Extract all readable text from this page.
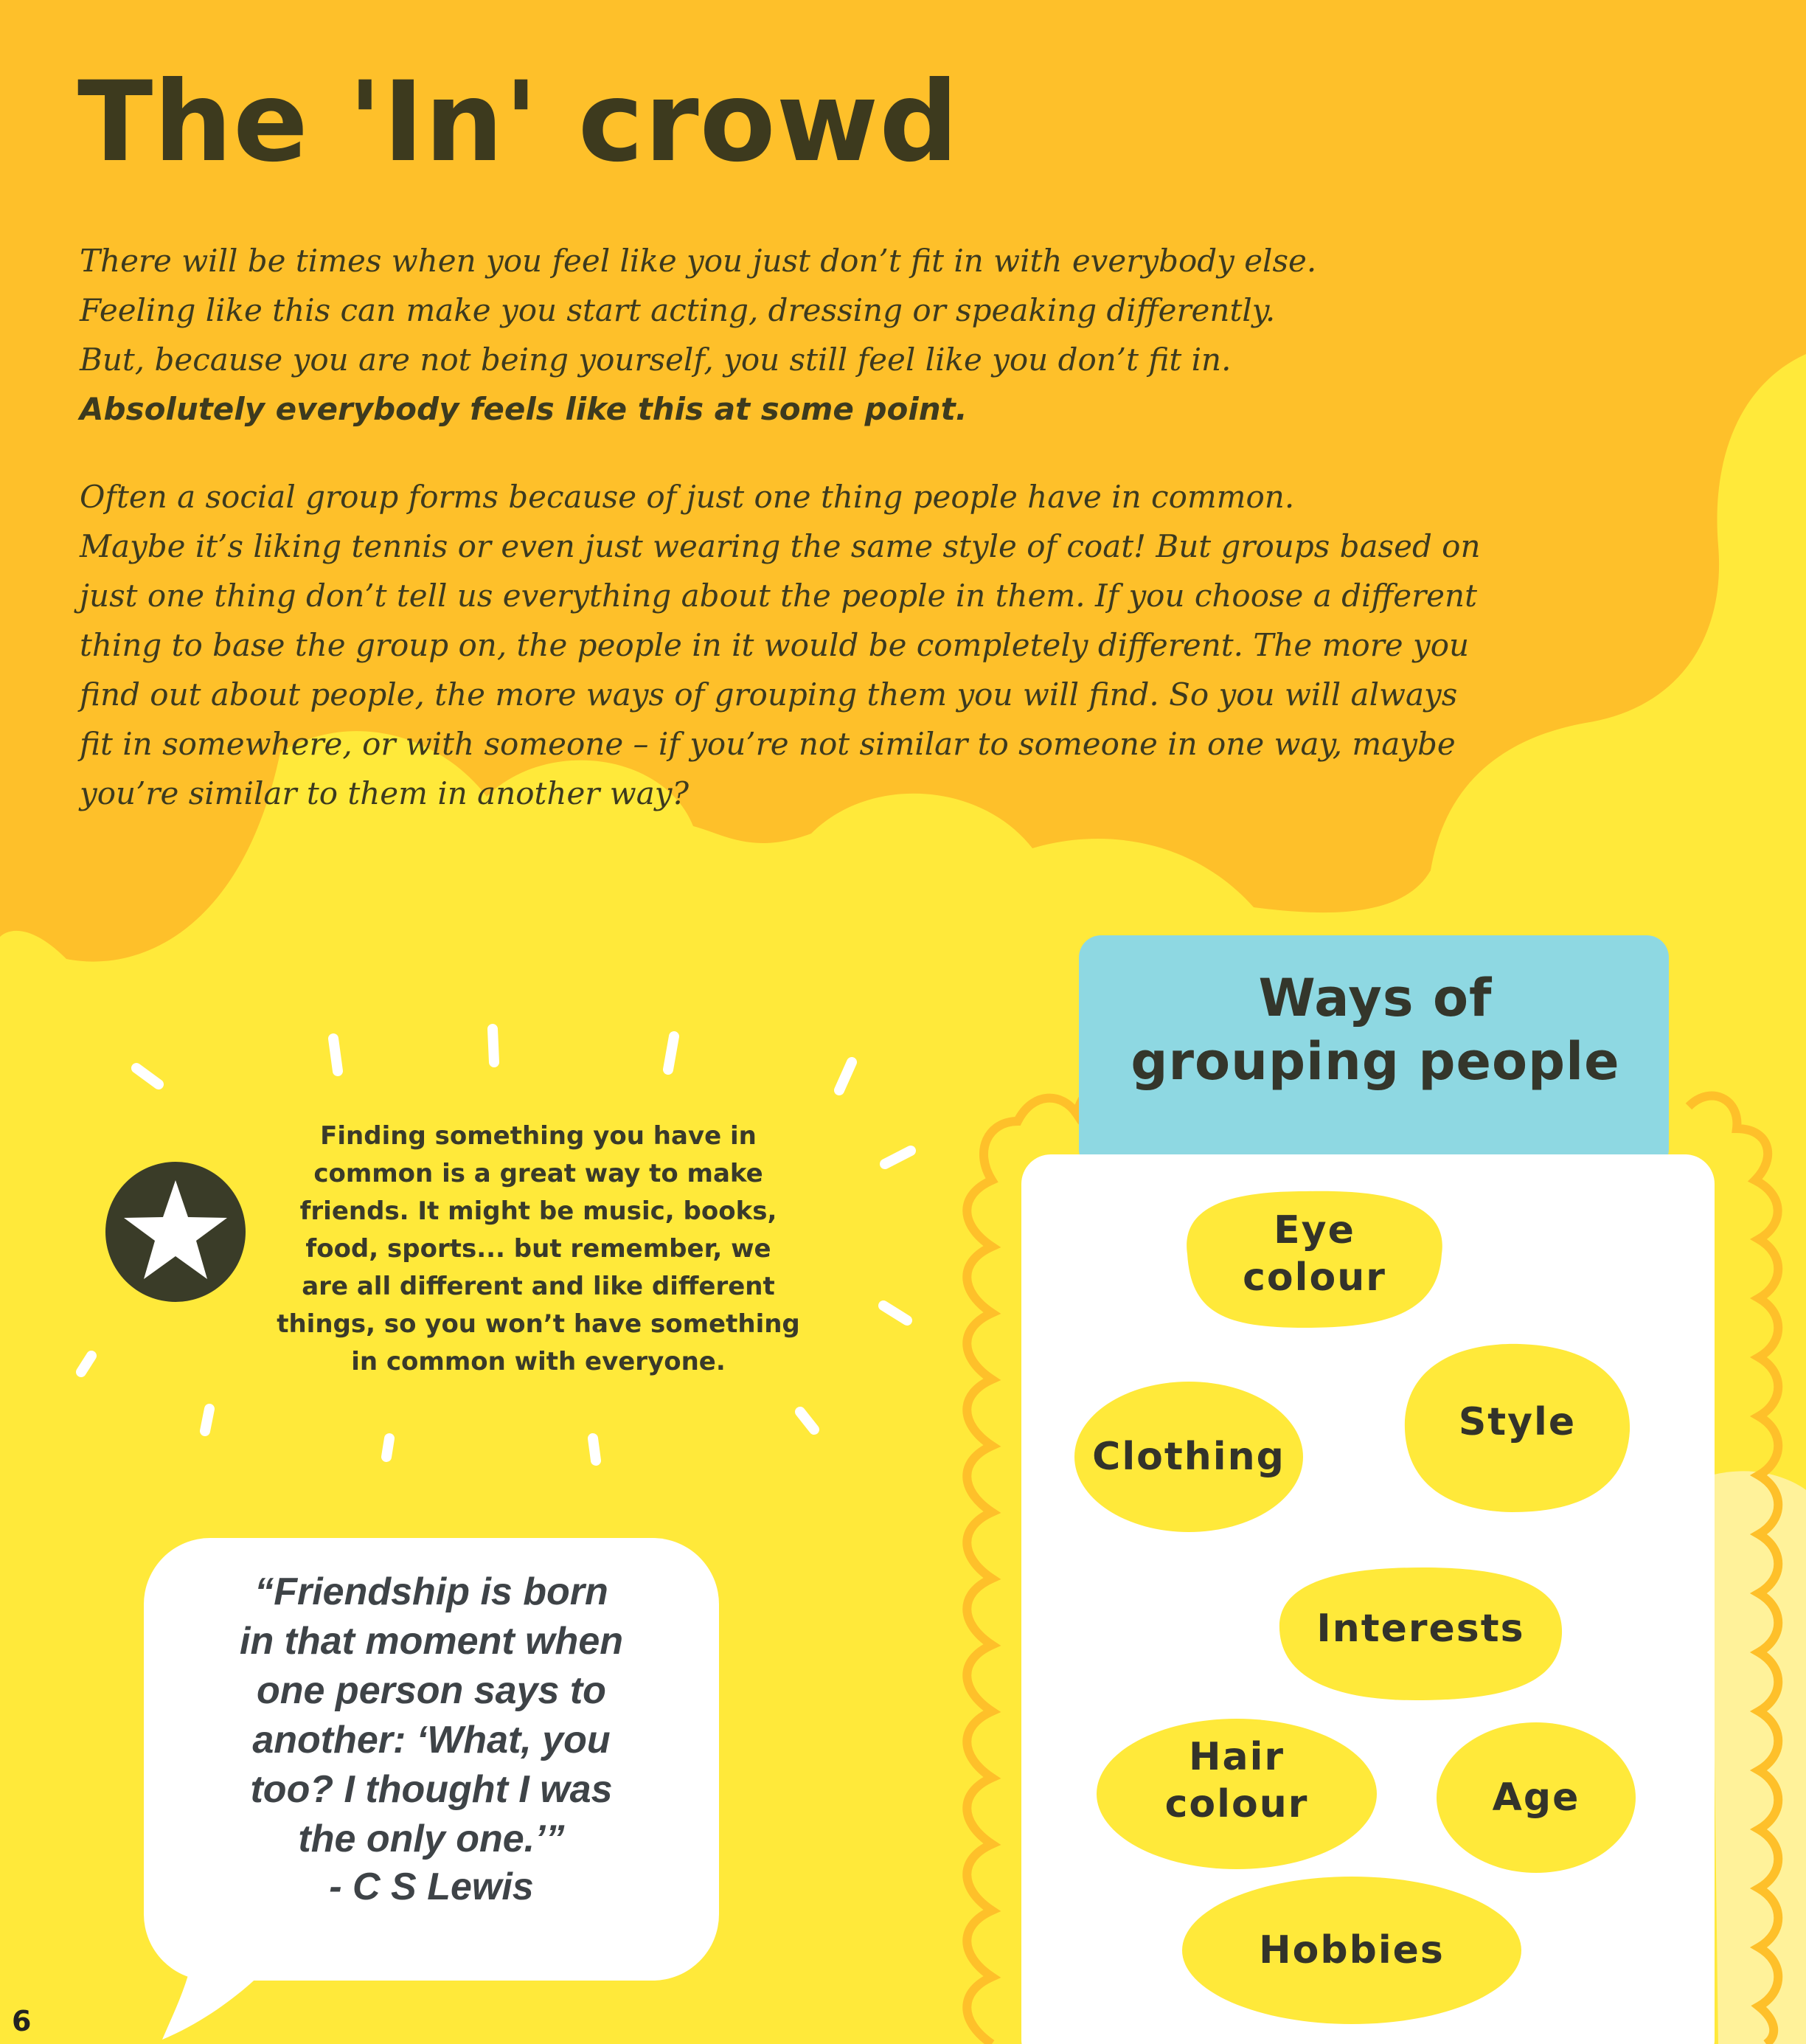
The 'In' crowd

There will be times when you feel like you just don’t fit in with everybody else.

Feeling like this can make you start acting, dressing or speaking differently.

But, because you are not being yourself, you still feel like you don’t fit in.

Absolutely everybody feels like this at some point.

Often a social group forms because of just one thing people have in common.

Maybe it’s liking tennis or even just wearing the same style of coat! But groups based on

just one thing don’t tell us everything about the people in them. If you choose a different

thing to base the group on, the people in it would be completely different. The more you

find out about people, the more ways of grouping them you will find. So you will always

fit in somewhere, or with someone – if you’re not similar to someone in one way, maybe

you’re similar to them in another way?

Finding something you have in
common is a great way to make
friends. It might be music, books,
food, sports... but remember, we
are all different and like different
things, so you won’t have something
in common with everyone.
“Friendship is born
in that moment when
one person says to
another: ‘What, you
too? I thought I was
the only one.’”
- C S Lewis
Ways of
grouping people
Eye
colour
Clothing
Style
Interests
Hair
colour	Age
Hobbies
6
